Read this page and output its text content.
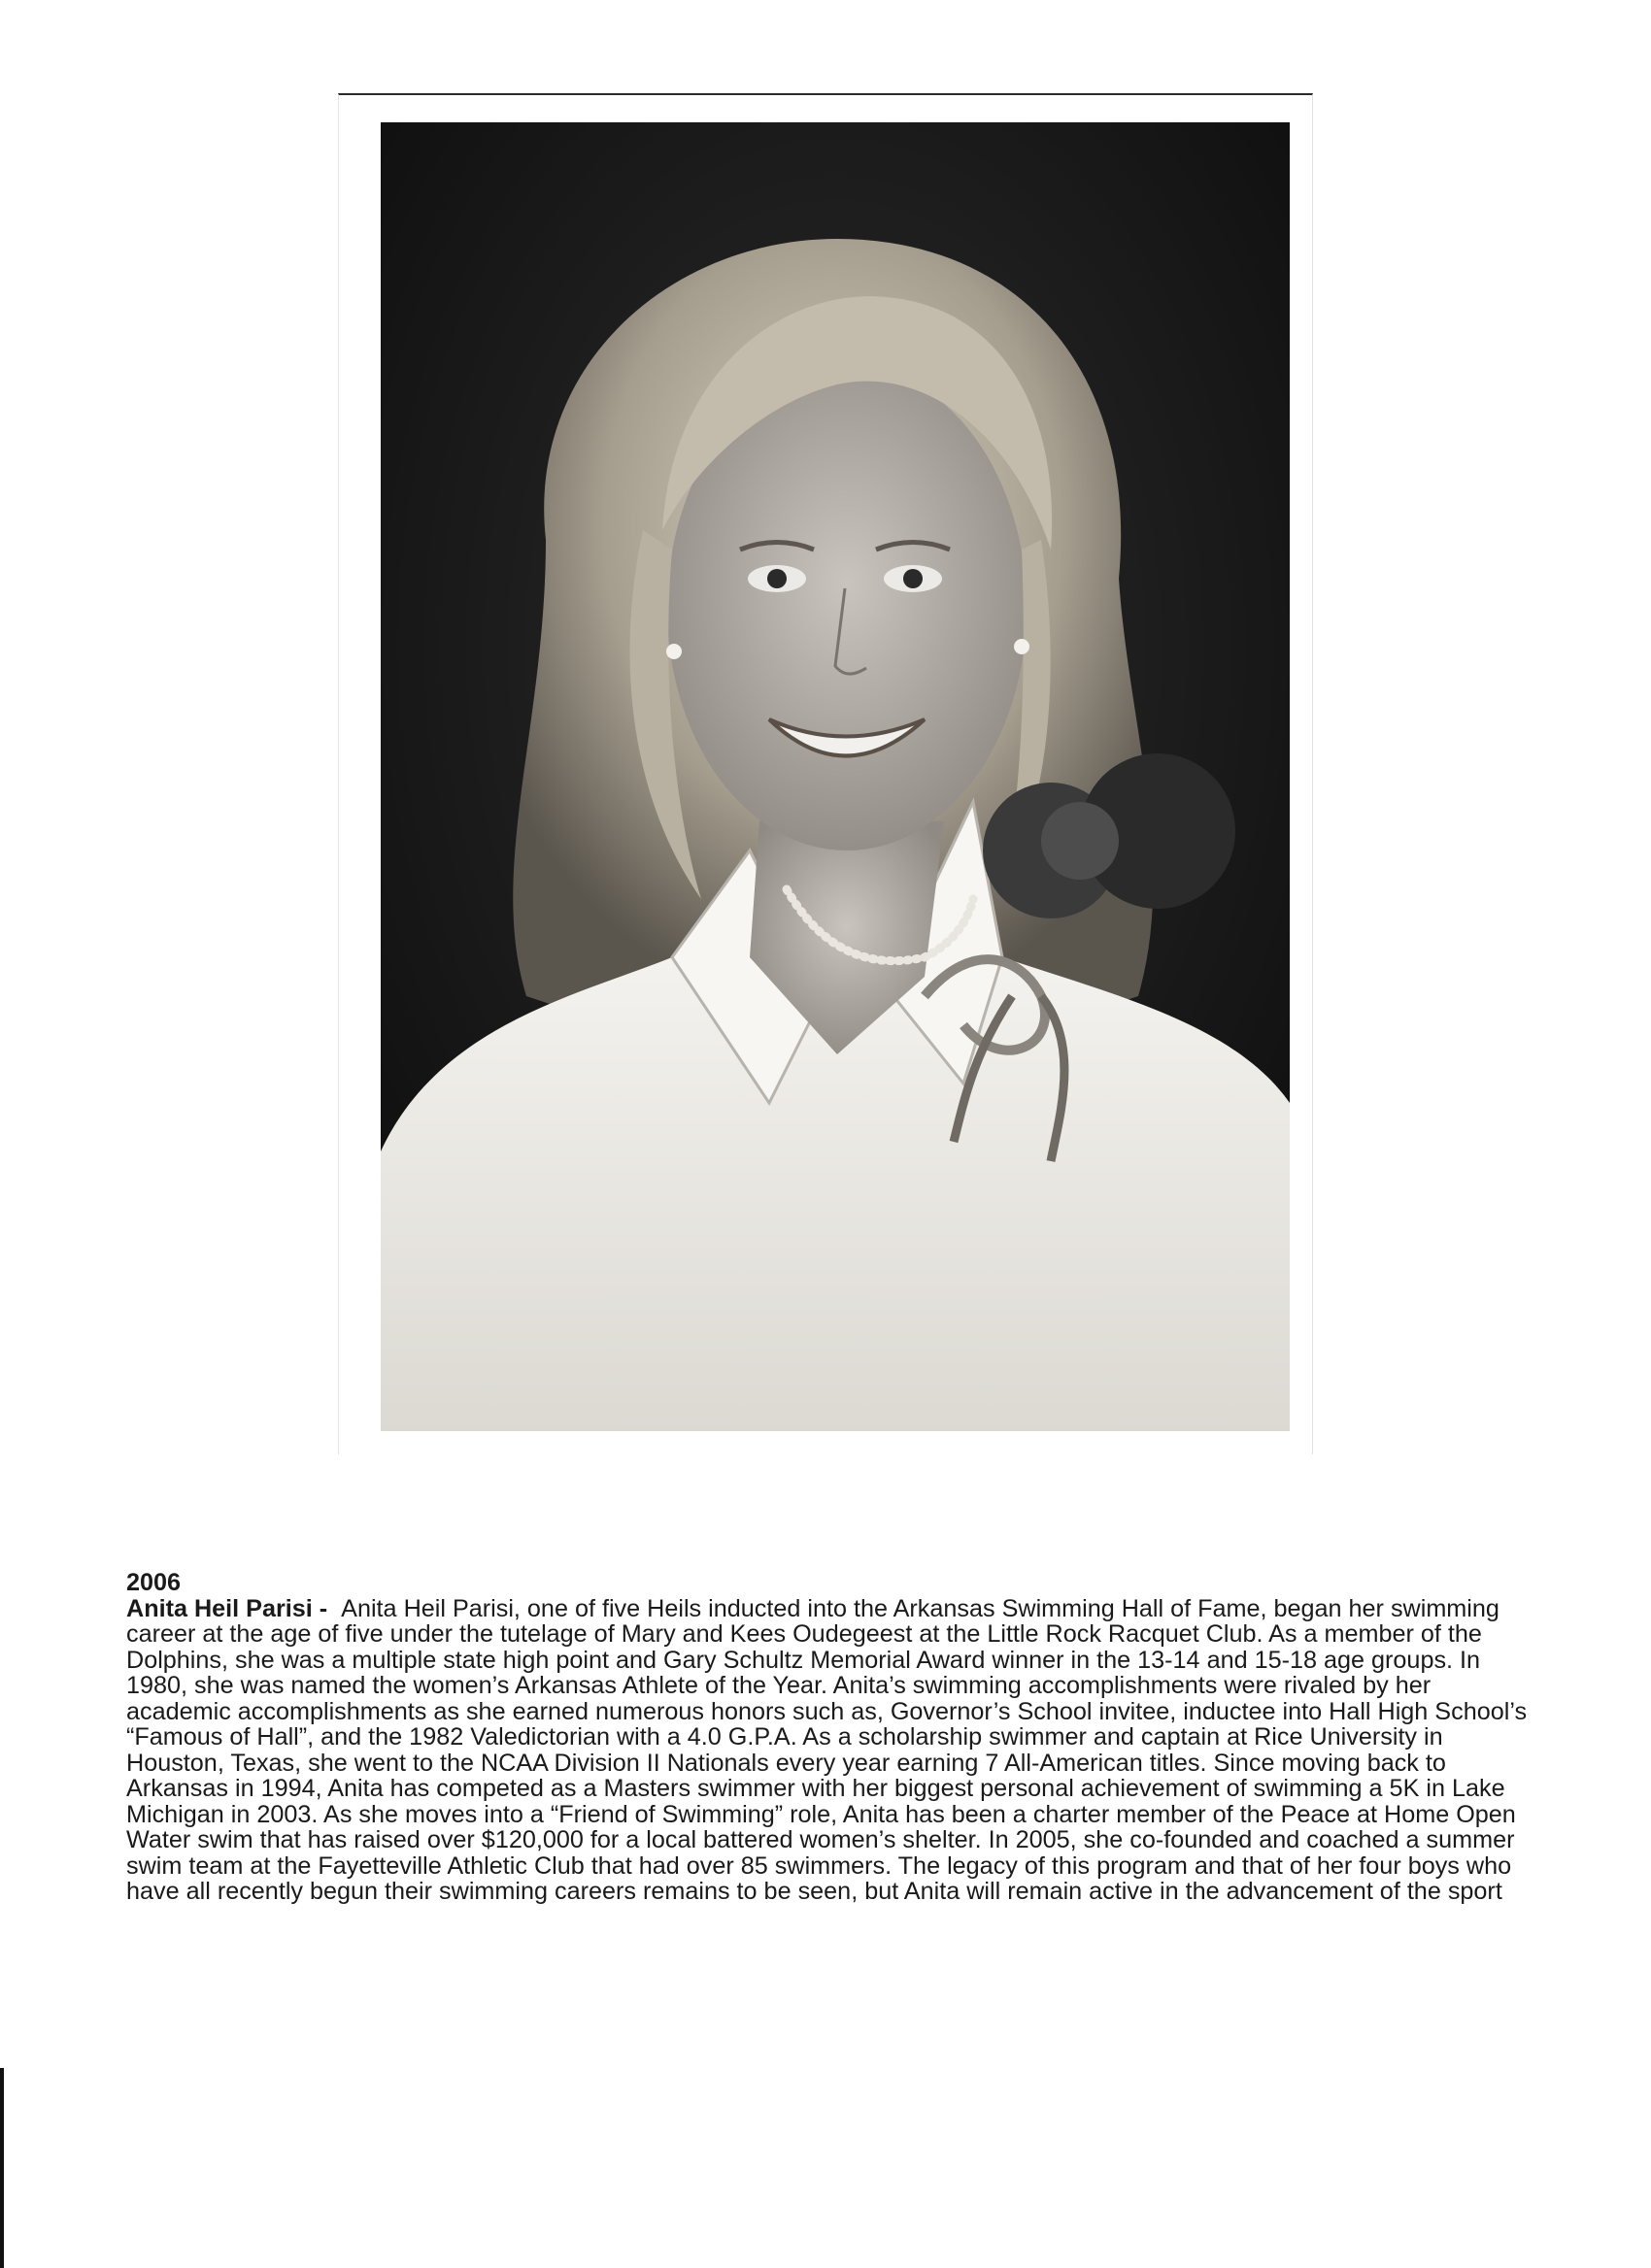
2006
Anita Heil Parisi -  Anita Heil Parisi, one of five Heils inducted into the Arkansas Swimming Hall of Fame, began her swimming career at the age of five under the tutelage of Mary and Kees Oudegeest at the Little Rock Racquet Club. As a member of the Dolphins, she was a multiple state high point and Gary Schultz Memorial Award winner in the 13-14 and 15-18 age groups. In 1980, she was named the women’s Arkansas Athlete of the Year. Anita’s swimming accomplishments were rivaled by her academic accomplishments as she earned numerous honors such as, Governor’s School invitee, inductee into Hall High School’s “Famous of Hall”, and the 1982 Valedictorian with a 4.0 G.P.A. As a scholarship swimmer and captain at Rice University in Houston, Texas, she went to the NCAA Division II Nationals every year earning 7 All-American titles. Since moving back to Arkansas in 1994, Anita has competed as a Masters swimmer with her biggest personal achievement of swimming a 5K in Lake Michigan in 2003. As she moves into a “Friend of Swimming” role, Anita has been a charter member of the Peace at Home Open Water swim that has raised over $120,000 for a local battered women’s shelter. In 2005, she co-founded and coached a summer swim team at the Fayetteville Athletic Club that had over 85 swimmers. The legacy of this program and that of her four boys who have all recently begun their swimming careers remains to be seen, but Anita will remain active in the advancement of the sport
